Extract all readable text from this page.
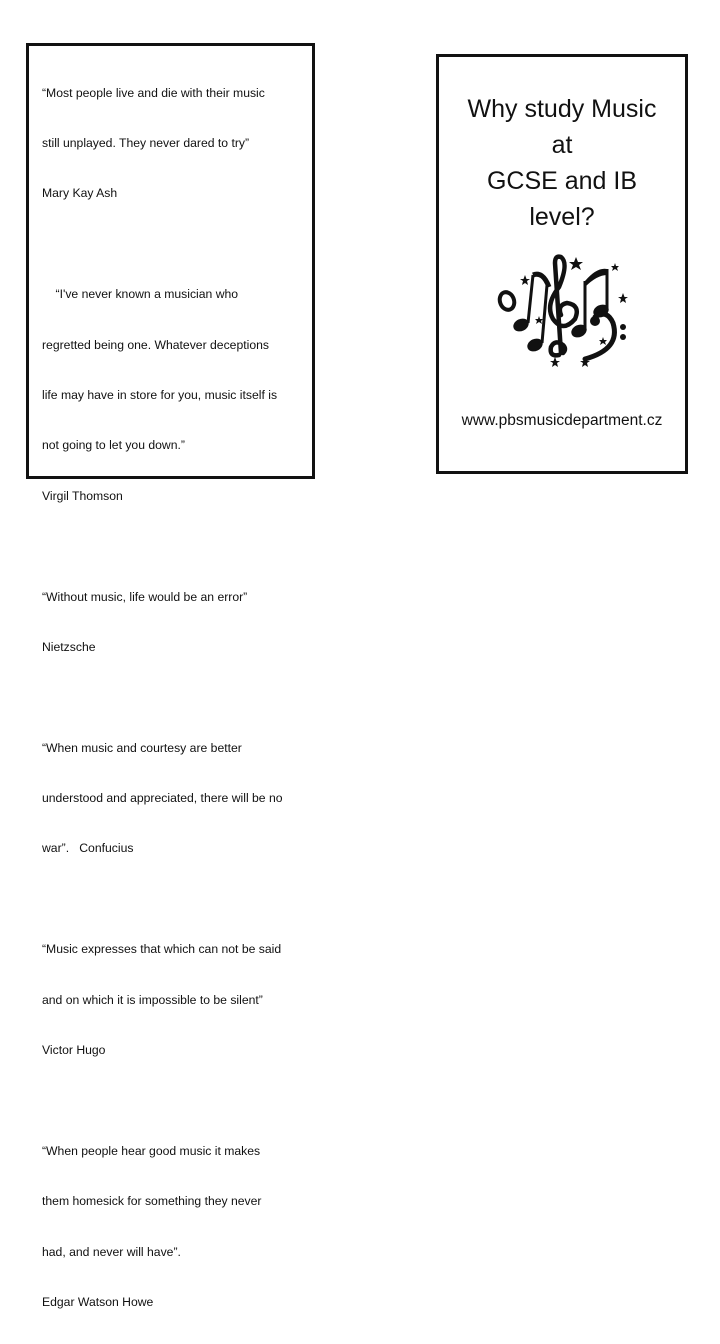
“Most people live and die with their music

still unplayed. They never dared to try”

Mary Kay Ash

“I've never known a musician who

regretted being one. Whatever deceptions

life may have in store for you, music itself is

not going to let you down.”

Virgil Thomson

“Without music, life would be an error”

Nietzsche

“When music and courtesy are better

understood and appreciated, there will be no

war”.   Confucius

“Music expresses that which can not be said

and on which it is impossible to be silent”

Victor Hugo

“When people hear good music it makes

them homesick for something they never

had, and never will have”.

Edgar Watson Howe

Why study Music
at
GCSE and IB
level?
www.pbsmusicdepartment.cz
